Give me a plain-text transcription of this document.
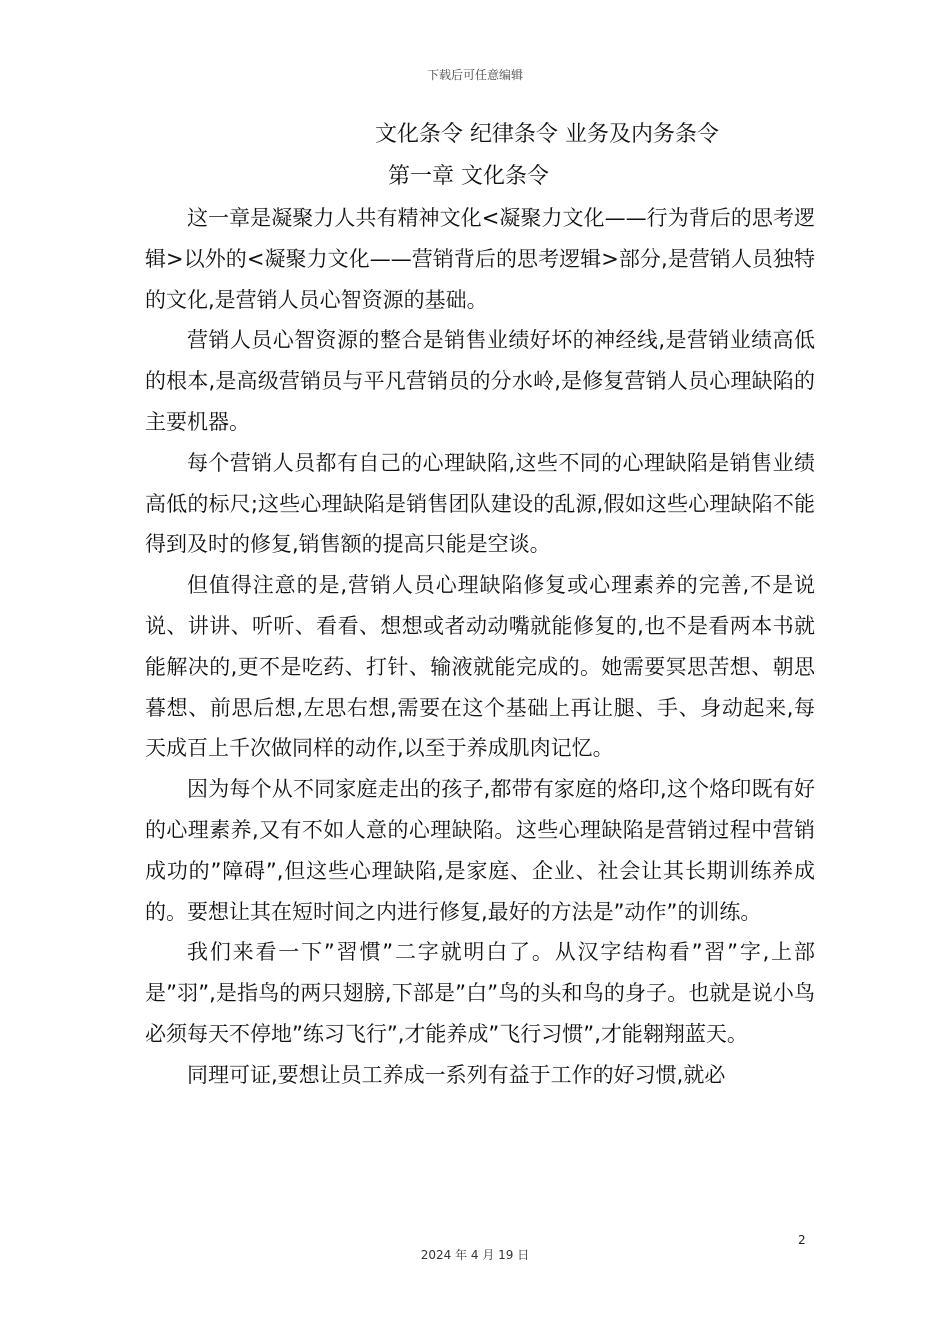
下载后可任意编辑
文化条令 纪律条令 业务及内务条令
第一章 文化条令

这一章是凝聚力人共有精神文化<凝聚力文化——行为背后的思考逻辑>以外的<凝聚力文化——营销背后的思考逻辑>部分,是营销人员独特的文化,是营销人员心智资源的基础。

营销人员心智资源的整合是销售业绩好坏的神经线,是营销业绩高低的根本,是高级营销员与平凡营销员的分水岭,是修复营销人员心理缺陷的主要机器。

每个营销人员都有自己的心理缺陷,这些不同的心理缺陷是销售业绩高低的标尺;这些心理缺陷是销售团队建设的乱源,假如这些心理缺陷不能得到及时的修复,销售额的提高只能是空谈。

但值得注意的是,营销人员心理缺陷修复或心理素养的完善,不是说说、讲讲、听听、看看、想想或者动动嘴就能修复的,也不是看两本书就能解决的,更不是吃药、打针、输液就能完成的。她需要冥思苦想、朝思暮想、前思后想,左思右想,需要在这个基础上再让腿、手、身动起来,每天成百上千次做同样的动作,以至于养成肌肉记忆。

因为每个从不同家庭走出的孩子,都带有家庭的烙印,这个烙印既有好的心理素养,又有不如人意的心理缺陷。这些心理缺陷是营销过程中营销成功的”障碍”,但这些心理缺陷,是家庭、企业、社会让其长期训练养成的。要想让其在短时间之内进行修复,最好的方法是”动作”的训练。

我们来看一下”習慣”二字就明白了。从汉字结构看”習”字,上部是”羽”,是指鸟的两只翅膀,下部是”白”鸟的头和鸟的身子。也就是说小鸟必须每天不停地”练习飞行”,才能养成”飞行习惯”,才能翱翔蓝天。

同理可证,要想让员工养成一系列有益于工作的好习惯,就必

2
2024 年 4 月 19 日
